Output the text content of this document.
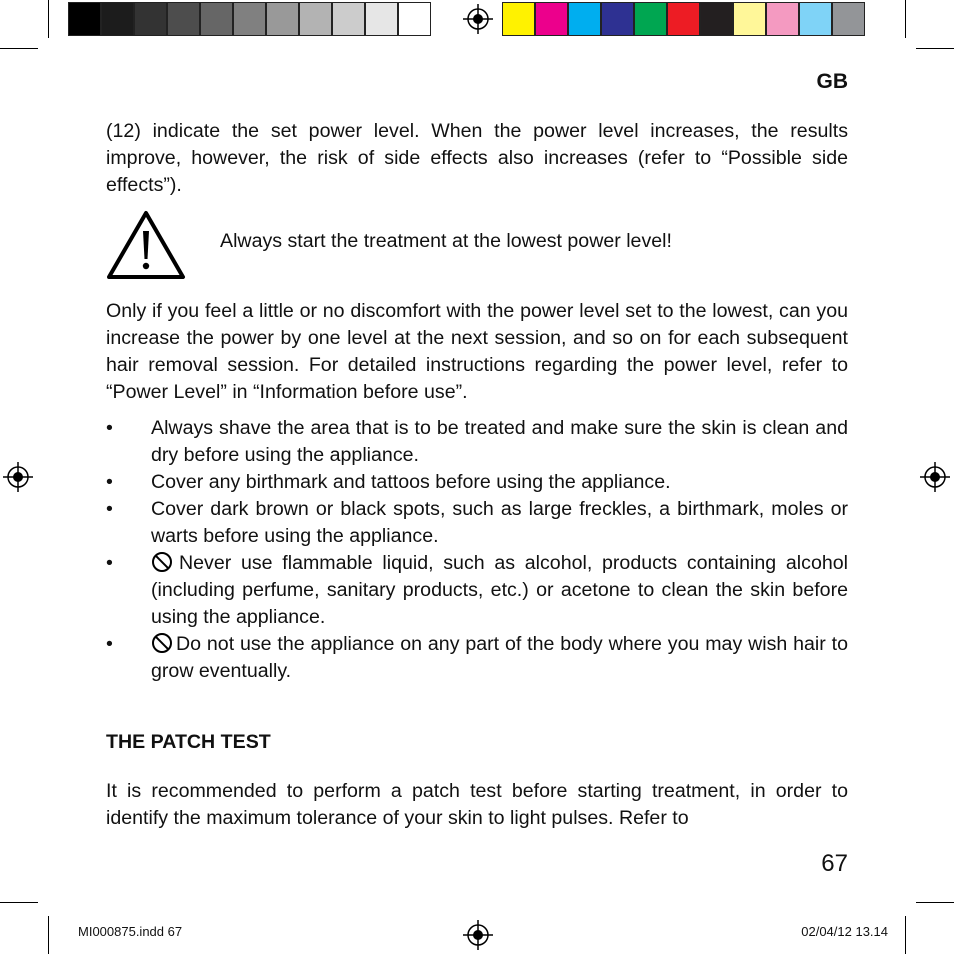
GB

(12) indicate the set power level. When the power level increases, the results improve, however, the risk of side effects also increases (refer to “Possible side effects”).

Always start the treatment at the lowest power level!

Only if you feel a little or no discomfort with the power level set to the lowest, can you increase the power by one level at the next session, and so on for each subsequent hair removal session. For detailed instructions regarding the power level, refer to “Power Level” in “Information before use”.

• Always shave the area that is to be treated and make sure the skin is clean and dry before using the appliance.
• Cover any birthmark and tattoos before using the appliance.
• Cover dark brown or black spots, such as large freckles, a birthmark, moles or warts before using the appliance.
•	Never use flammable liquid, such as alcohol, products containing alcohol (including perfume, sanitary products, etc.) or acetone to clean the skin before using the appliance.
•	Do not use the appliance on any part of the body where you may wish hair to grow eventually.
THE PATCH TEST

It is recommended to perform a patch test before starting treatment, in order to identify the maximum tolerance of your skin to light pulses. Refer to

67
MI000875.indd 67	02/04/12 13.14
